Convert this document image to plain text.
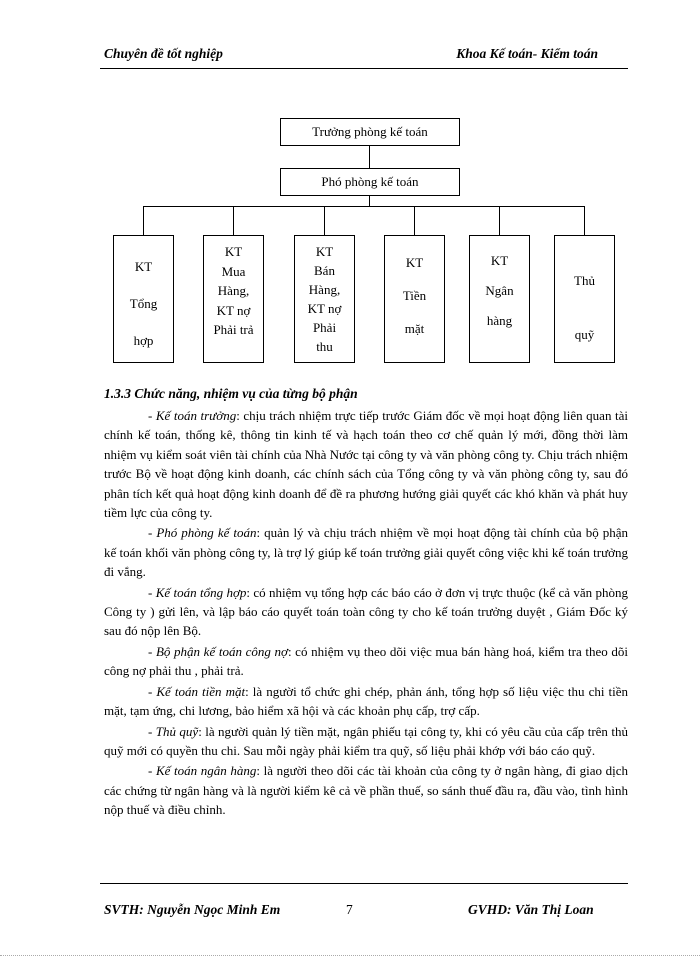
Chuyên đề tốt nghiệp	Khoa Kế toán- Kiểm toán
Trưởng phòng kế toán
Phó phòng kế toán
KT
Tổng
hợp
KT
Mua
Hàng,
KT nợ
Phải trả
KT
Bán
Hàng,
KT nợ
Phải
thu
KT
Tiền
mặt
KT
Ngân
hàng
Thủ
quỹ
1.3.3 Chức năng, nhiệm vụ của từng bộ phận

- Kế toán trưởng: chịu trách nhiệm trực tiếp trước Giám đốc về mọi hoạt động liên quan tài chính kế toán, thống kê, thông tin kinh tế và hạch toán theo cơ chế quản lý mới, đồng thời làm nhiệm vụ kiểm soát viên tài chính của Nhà Nước tại công ty và văn phòng công ty. Chịu trách nhiệm trước Bộ về hoạt động kinh doanh, các chính sách của Tổng công ty và văn phòng công ty, sau đó phân tích kết quả hoạt động kinh doanh để đề ra phương hướng giải quyết các khó khăn và phát huy tiềm lực của công ty.

- Phó phòng kế toán: quản lý và chịu trách nhiệm về mọi hoạt động tài chính của bộ phận kế toán khối văn phòng công ty, là trợ lý giúp kế toán trưởng giải quyết công việc khi kế toán trưởng đi vắng.

- Kế toán tổng hợp: có nhiệm vụ tổng hợp các báo cáo ở đơn vị trực thuộc (kể cả văn phòng Công ty ) gửi lên, và lập báo cáo quyết toán toàn công ty cho kế toán trưởng duyệt , Giám Đốc ký sau đó nộp lên Bộ.

- Bộ phận kế toán công nợ: có nhiệm vụ theo dõi việc mua bán hàng hoá, kiểm tra theo dõi công nợ phải thu , phải trả.

- Kế toán tiền mặt: là người tổ chức ghi chép, phản ánh, tổng hợp số liệu việc thu chi tiền mặt, tạm ứng, chi lương, bảo hiểm xã hội và các khoản phụ cấp, trợ cấp.

- Thủ quỹ: là người quản lý tiền mặt, ngân phiếu tại công ty, khi có yêu cầu của cấp trên thủ quỹ mới có quyền thu chi. Sau mỗi ngày phải kiểm tra quỹ, số liệu phải khớp với báo cáo quỹ.

- Kế toán ngân hàng: là người theo dõi các tài khoản của công ty ở ngân hàng, đi giao dịch các chứng từ ngân hàng và là người kiểm kê cả về phần thuế, so sánh thuế đầu ra, đầu vào, tình hình nộp thuế và điều chỉnh.

SVTH: Nguyễn Ngọc Minh Em	7	GVHD: Văn Thị Loan
